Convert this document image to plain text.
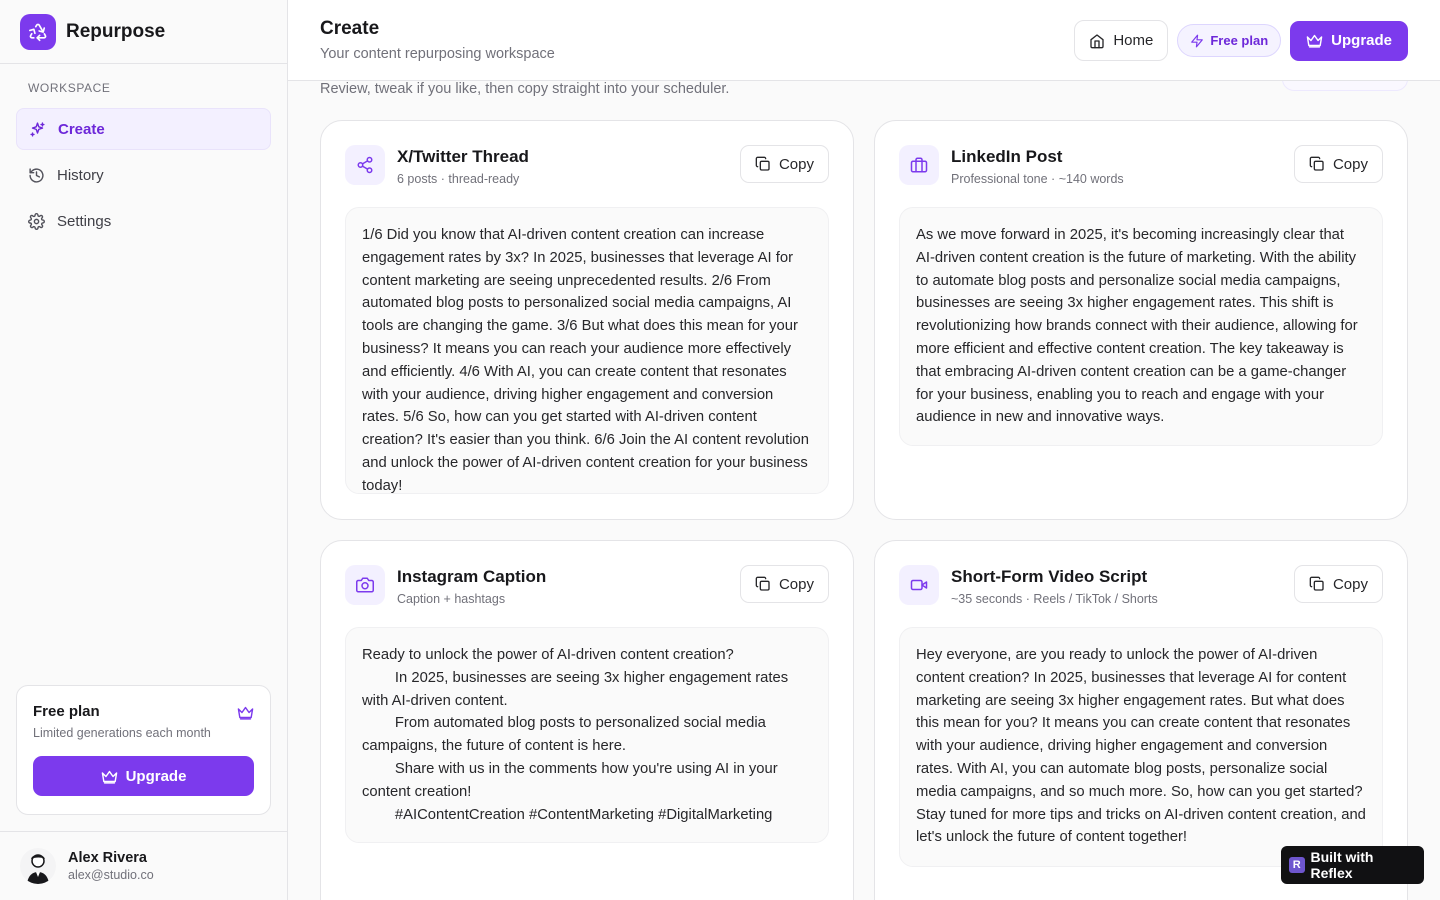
Repurpose
WORKSPACE
Create
History
Settings
Free plan
Limited generations each month
Upgrade
Alex Rivera
alex@studio.co
Create
Your content repurposing workspace
Home	Free plan	Upgrade
Review, tweak if you like, then copy straight into your scheduler.
X/Twitter Thread
6 posts · thread-ready
Copy
1/6 Did you know that AI-driven content creation can increase engagement rates by 3x? In 2025, businesses that leverage AI for content marketing are seeing unprecedented results. 2/6 From automated blog posts to personalized social media campaigns, AI tools are changing the game. 3/6 But what does this mean for your business? It means you can reach your audience more effectively and efficiently. 4/6 With AI, you can create content that resonates with your audience, driving higher engagement and conversion rates. 5/6 So, how can you get started with AI-driven content creation? It's easier than you think. 6/6 Join the AI content revolution and unlock the power of AI-driven content creation for your business today!
LinkedIn Post
Professional tone · ~140 words
Copy
As we move forward in 2025, it's becoming increasingly clear that AI-driven content creation is the future of marketing. With the ability to automate blog posts and personalize social media campaigns, businesses are seeing 3x higher engagement rates. This shift is revolutionizing how brands connect with their audience, allowing for more efficient and effective content creation. The key takeaway is that embracing AI-driven content creation can be a game-changer for your business, enabling you to reach and engage with your audience in new and innovative ways.
Instagram Caption
Caption + hashtags
Copy
Ready to unlock the power of AI-driven content creation?
In 2025, businesses are seeing 3x higher engagement rates with AI-driven content.
From automated blog posts to personalized social media campaigns, the future of content is here.
Share with us in the comments how you're using AI in your content creation!
#AIContentCreation #ContentMarketing #DigitalMarketing
Short-Form Video Script
~35 seconds · Reels / TikTok / Shorts
Copy
Hey everyone, are you ready to unlock the power of AI-driven content creation? In 2025, businesses that leverage AI for content marketing are seeing 3x higher engagement rates. But what does this mean for you? It means you can create content that resonates with your audience, driving higher engagement and conversion rates. With AI, you can automate blog posts, personalize social media campaigns, and so much more. So, how can you get started? Stay tuned for more tips and tricks on AI-driven content creation, and let's unlock the future of content together!
R Built with Reflex
